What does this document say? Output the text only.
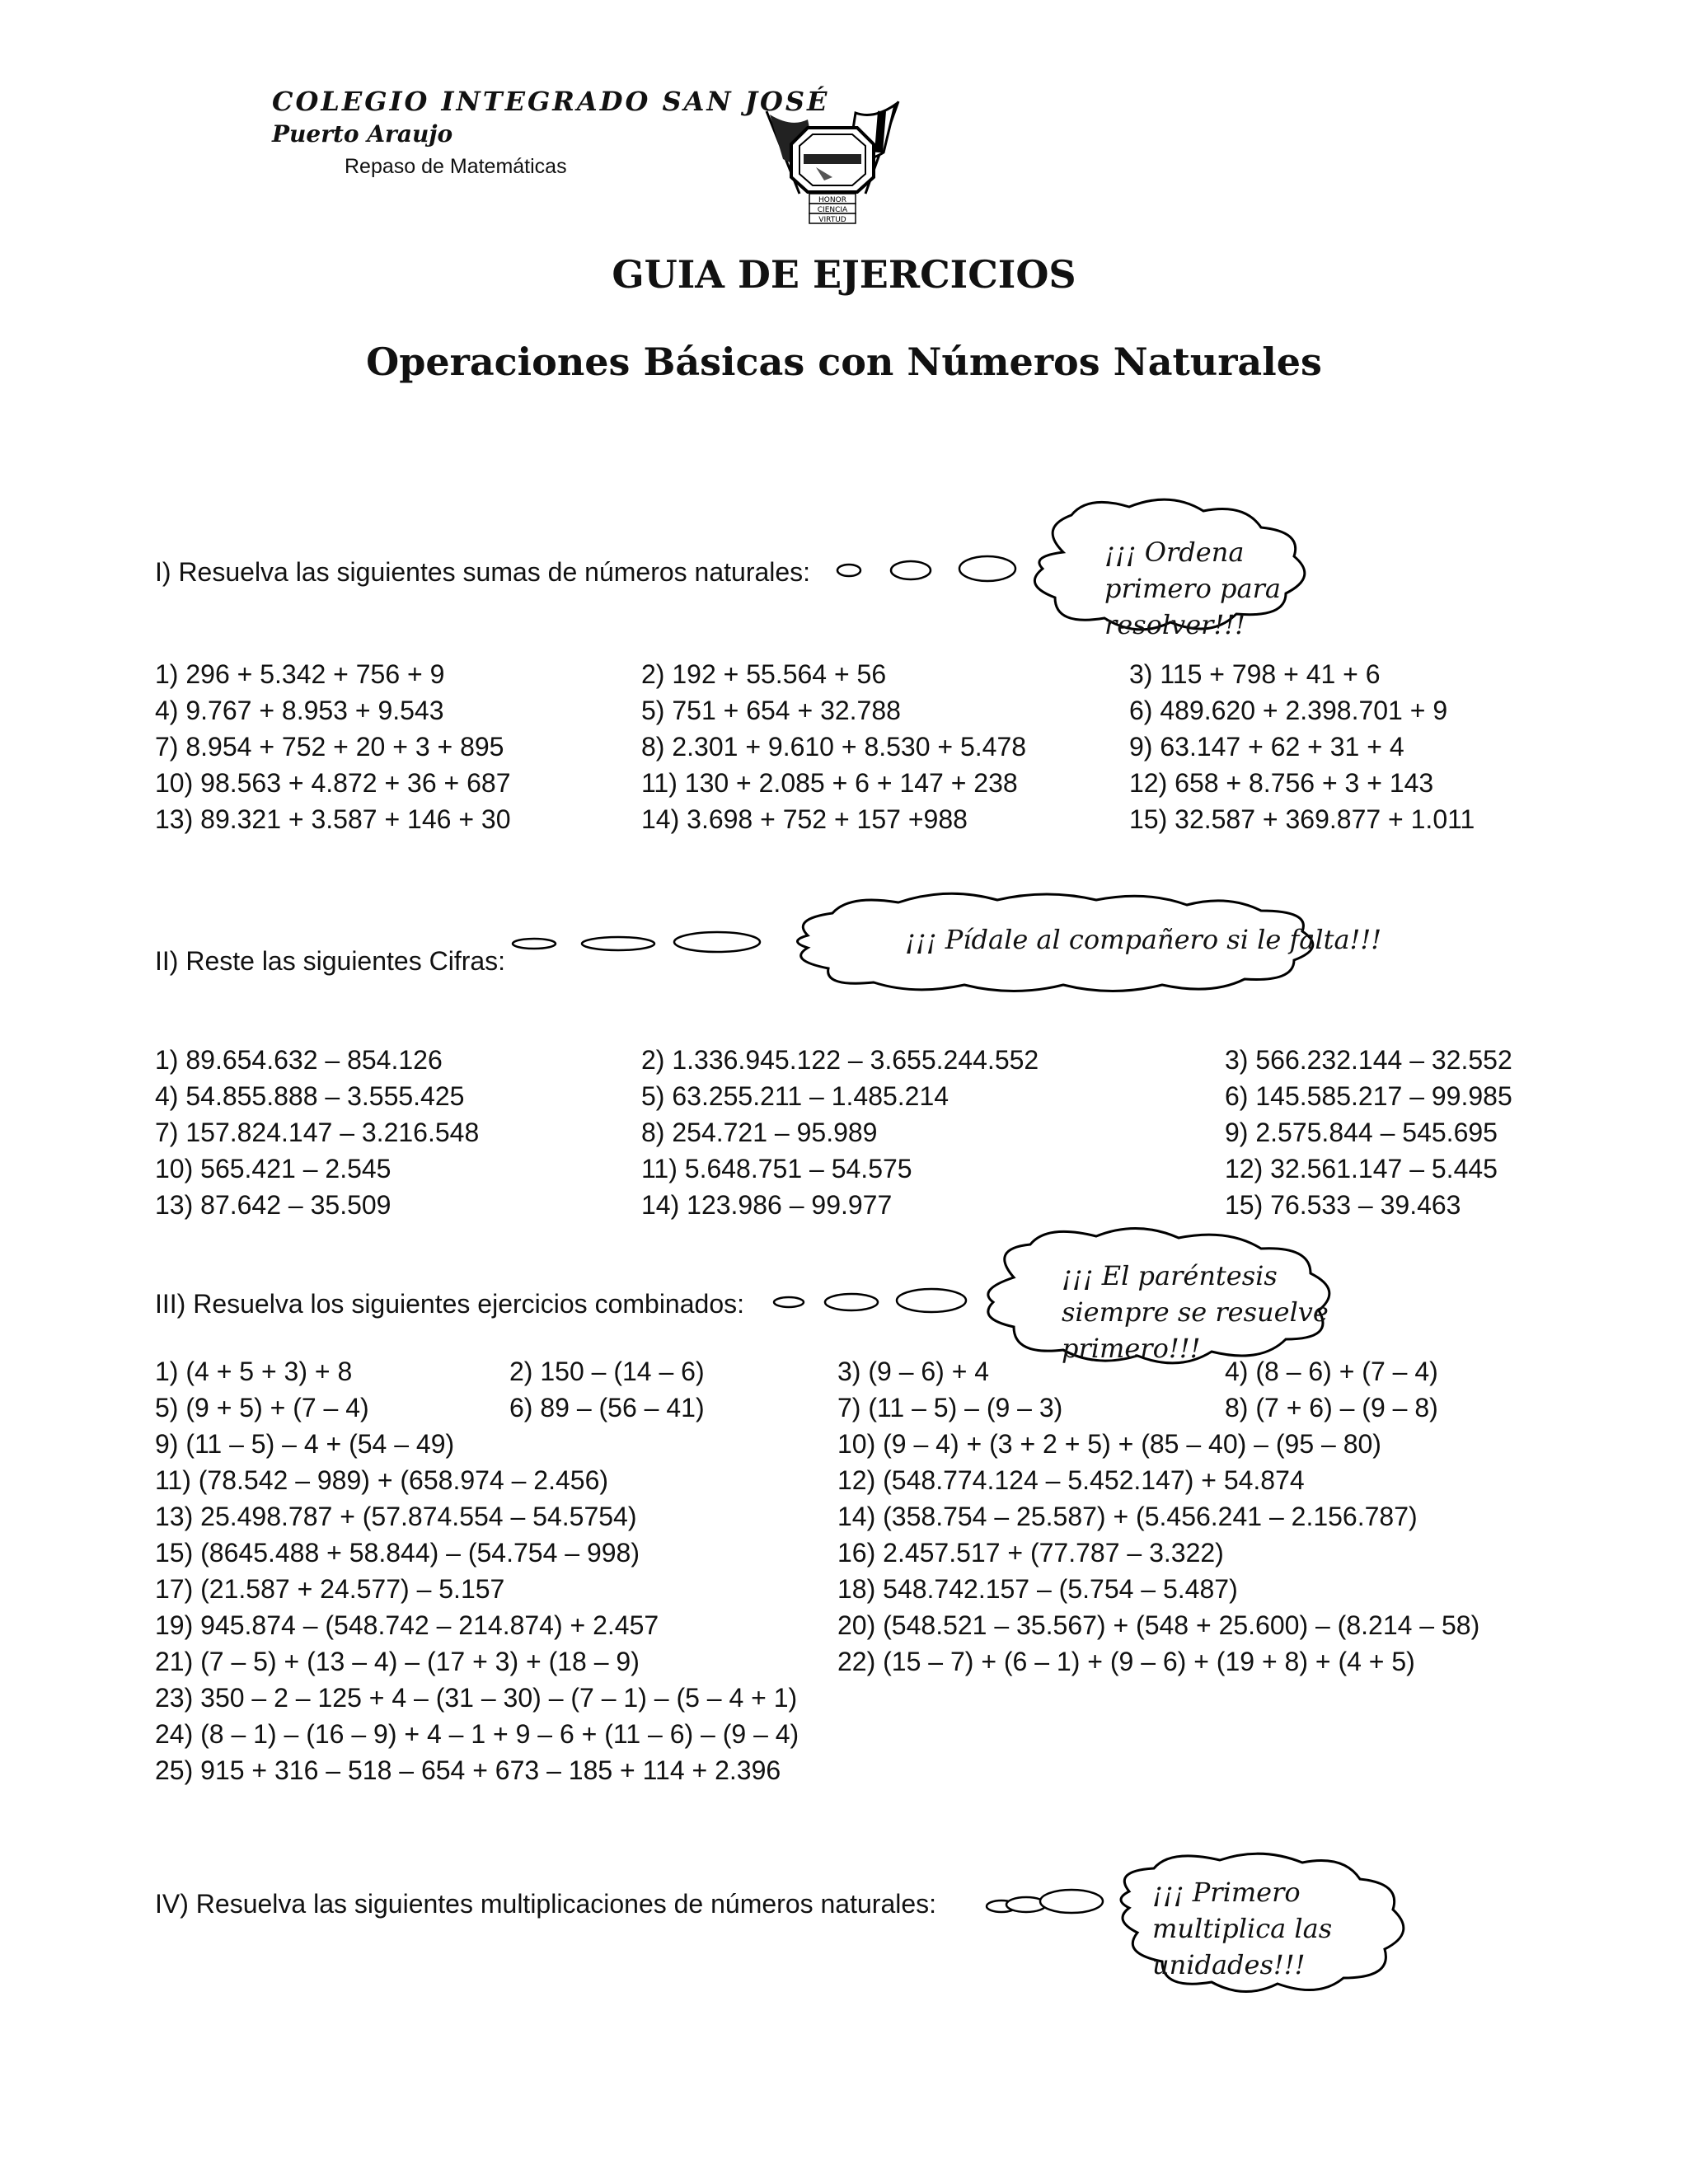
COLEGIO INTEGRADO SAN JOSÉ
Puerto Araujo
Repaso de Matemáticas
HONOR
CIENCIA
VIRTUD
GUIA DE EJERCICIOS
Operaciones Básicas con Números Naturales
I) Resuelva las siguientes sumas de números naturales:
¡¡¡ Ordena
primero para
resolver!!!
1) 296 + 5.342 + 756 + 9	2) 192 + 55.564 + 56	3) 115 + 798 + 41 + 6
4) 9.767 + 8.953 + 9.543	5) 751 + 654 + 32.788	6) 489.620 + 2.398.701 + 9
7) 8.954 + 752 + 20 + 3 + 895	8) 2.301 + 9.610 + 8.530 + 5.478	9) 63.147 + 62 + 31 + 4
10) 98.563 + 4.872 + 36 + 687	11) 130 + 2.085 + 6 + 147 + 238	12) 658 + 8.756 + 3 + 143
13) 89.321 + 3.587 + 146 + 30	14) 3.698 + 752 + 157 +988	15) 32.587 + 369.877 + 1.011
II) Reste las siguientes Cifras:
¡¡¡ Pídale al compañero si le falta!!!
1) 89.654.632 – 854.126	2) 1.336.945.122 – 3.655.244.552	3) 566.232.144 – 32.552
4) 54.855.888 – 3.555.425	5) 63.255.211 – 1.485.214	6) 145.585.217 – 99.985
7) 157.824.147 – 3.216.548	8) 254.721 – 95.989	9) 2.575.844 – 545.695
10) 565.421 – 2.545	11) 5.648.751 – 54.575	12) 32.561.147 – 5.445
13) 87.642 – 35.509	14) 123.986 – 99.977	15) 76.533 – 39.463
III) Resuelva los siguientes ejercicios combinados:
¡¡¡ El paréntesis
siempre se resuelve
primero!!!
1) (4 + 5 + 3) + 8	2) 150 – (14 – 6)	3) (9 – 6) + 4	4) (8 – 6) + (7 – 4)
5) (9 + 5) + (7 – 4)	6) 89 – (56 – 41)	7) (11 – 5) – (9 – 3)	8) (7 + 6) – (9 – 8)
9) (11 – 5) – 4 + (54 – 49)	10) (9 – 4) + (3 + 2 + 5) + (85 – 40) – (95 – 80)
11) (78.542 – 989) + (658.974 – 2.456)	12) (548.774.124 – 5.452.147) + 54.874
13) 25.498.787 + (57.874.554 – 54.5754)	14) (358.754 – 25.587) + (5.456.241 – 2.156.787)
15) (8645.488 + 58.844) – (54.754 – 998)	16) 2.457.517 + (77.787 – 3.322)
17) (21.587 + 24.577) – 5.157	18) 548.742.157 – (5.754 – 5.487)
19) 945.874 – (548.742 – 214.874) + 2.457	20) (548.521 – 35.567) + (548 + 25.600) – (8.214 – 58)
21) (7 – 5) + (13 – 4) – (17 + 3) + (18 – 9)	22) (15 – 7) + (6 – 1) + (9 – 6) + (19 + 8) + (4 + 5)
23) 350 – 2 – 125 + 4 – (31 – 30) – (7 – 1) – (5 – 4 + 1)
24) (8 – 1) – (16 – 9) + 4 – 1 + 9 – 6 + (11 – 6) – (9 – 4)
25) 915 + 316 – 518 – 654 + 673 – 185 + 114 + 2.396
IV) Resuelva las siguientes multiplicaciones de números naturales:	¡¡¡ Primero
multiplica las
unidades!!!
